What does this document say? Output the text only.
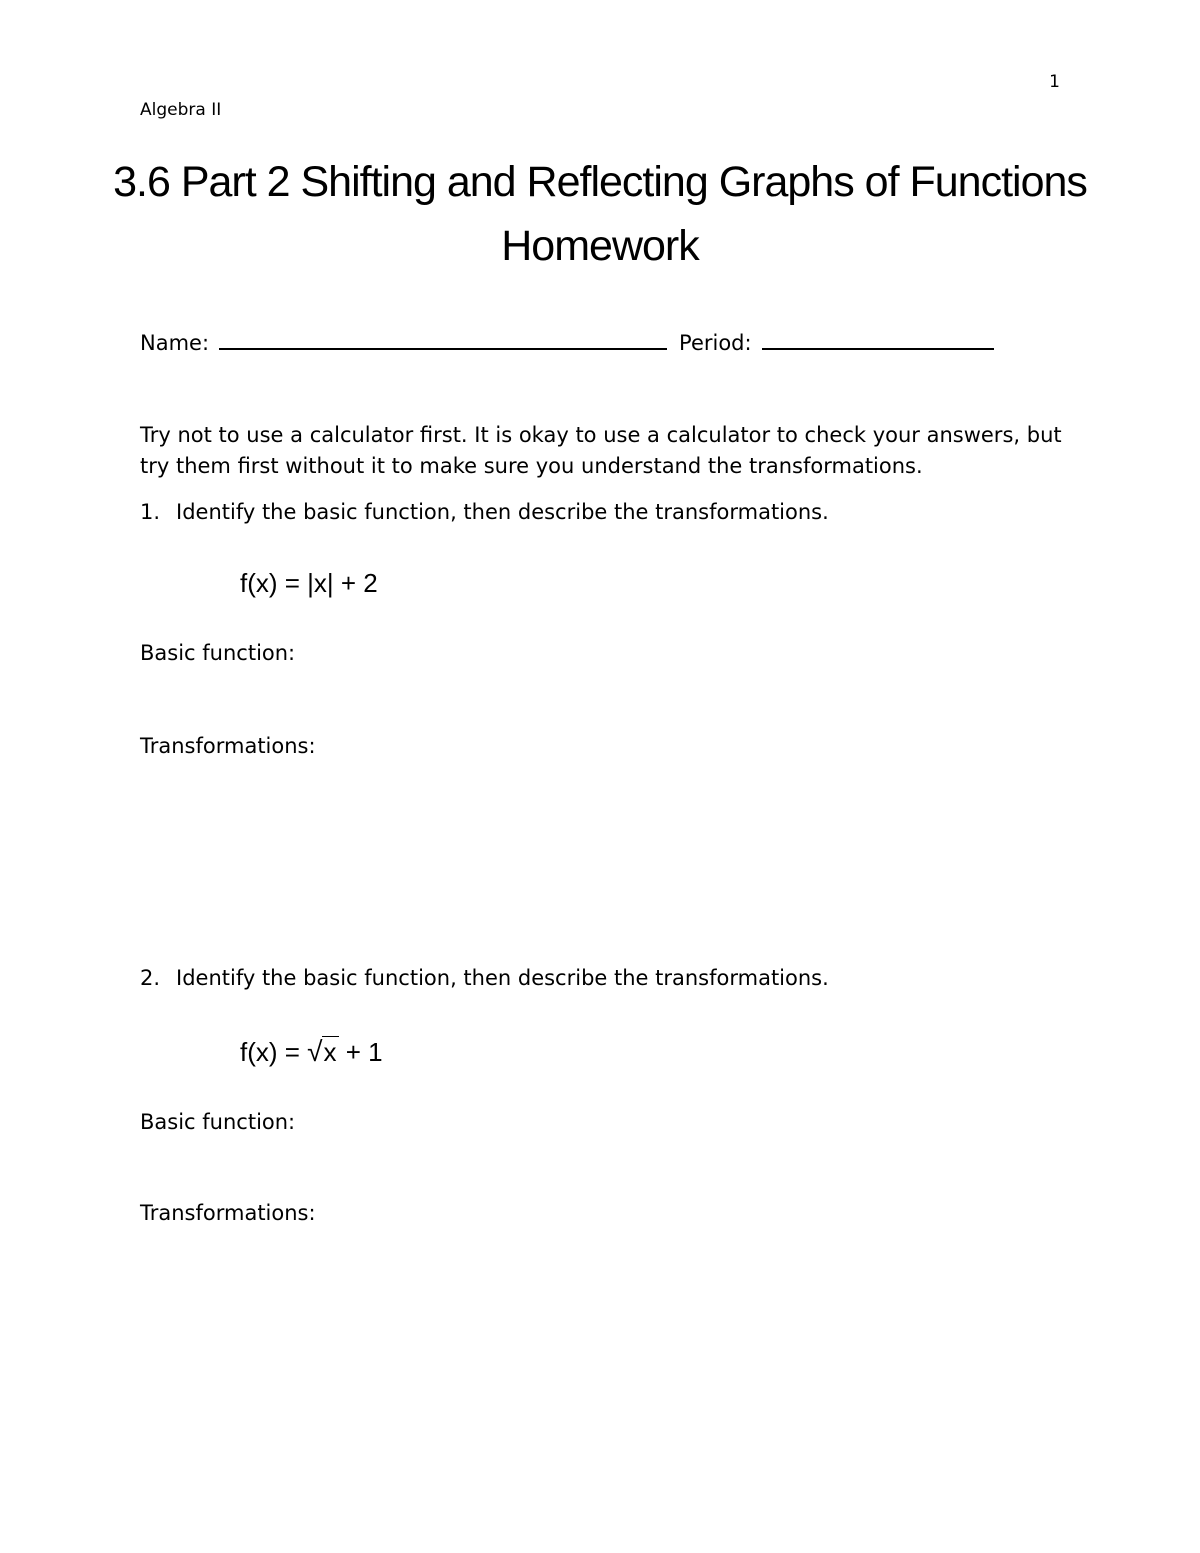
1
Algebra II
3.6 Part 2 Shifting and Reflecting Graphs of Functions Homework
Name:	Period:
Try not to use a calculator first. It is okay to use a calculator to check your answers, but try them first without it to make sure you understand the transformations.
1. Identify the basic function, then describe the transformations.
f(x) = |x| + 2
Basic function:
Transformations:
2. Identify the basic function, then describe the transformations.
f(x) = √x + 1
Basic function:
Transformations:
